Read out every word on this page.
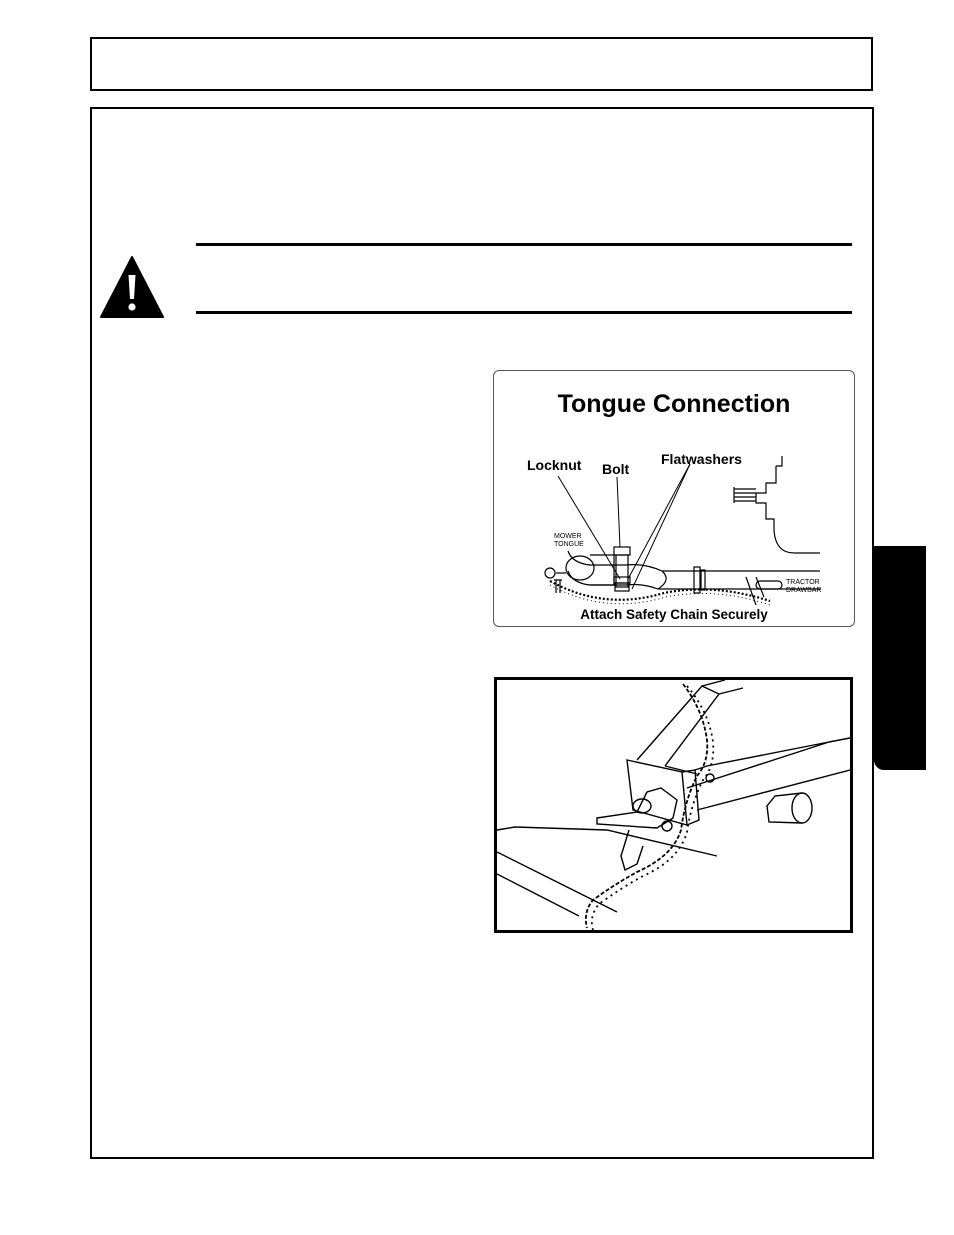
Tongue Connection

Locknut Bolt
Flatwashers
MOWER
TONGUE
TRACTOR
DRAWBAR

Attach Safety Chain Securely
